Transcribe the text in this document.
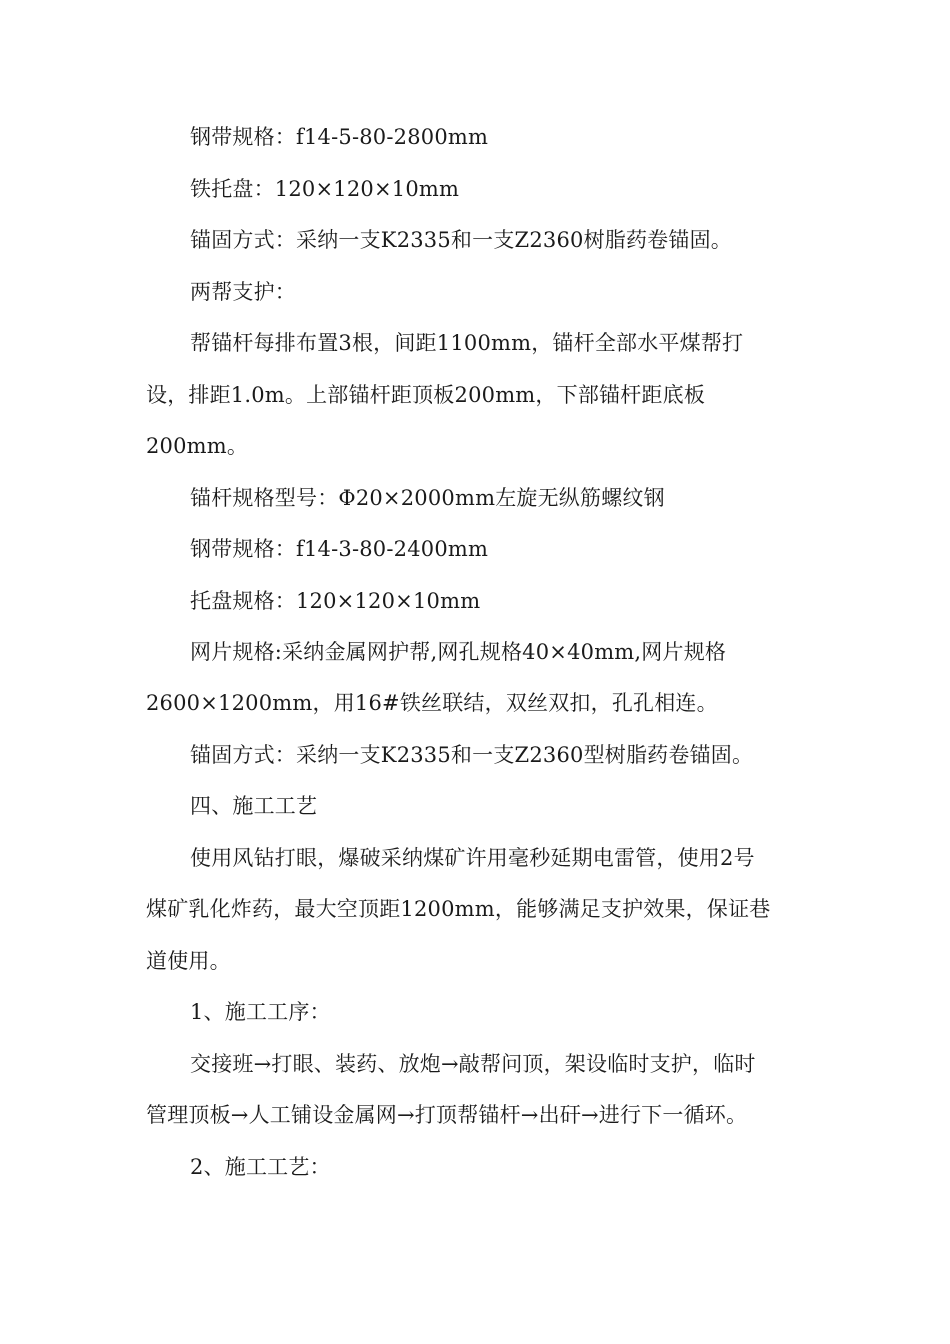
钢带规格：f14-5-80-2800mm
铁托盘：120×120×10mm
锚固方式：采纳一支K2335和一支Z2360树脂药卷锚固。
两帮支护：
帮锚杆每排布置3根，间距1100mm，锚杆全部水平煤帮打
设，排距1.0m。上部锚杆距顶板200mm，下部锚杆距底板
200mm。
锚杆规格型号：Φ20×2000mm左旋无纵筋螺纹钢
钢带规格：f14-3-80-2400mm
托盘规格：120×120×10mm
网片规格:采纳金属网护帮,网孔规格40×40mm,网片规格
2600×1200mm，用16#铁丝联结，双丝双扣，孔孔相连。
锚固方式：采纳一支K2335和一支Z2360型树脂药卷锚固。
四、施工工艺
使用风钻打眼，爆破采纳煤矿许用毫秒延期电雷管，使用2号
煤矿乳化炸药，最大空顶距1200mm，能够满足支护效果，保证巷
道使用。
1、施工工序：
交接班→打眼、装药、放炮→敲帮问顶，架设临时支护，临时
管理顶板→人工铺设金属网→打顶帮锚杆→出矸→进行下一循环。
2、施工工艺：
